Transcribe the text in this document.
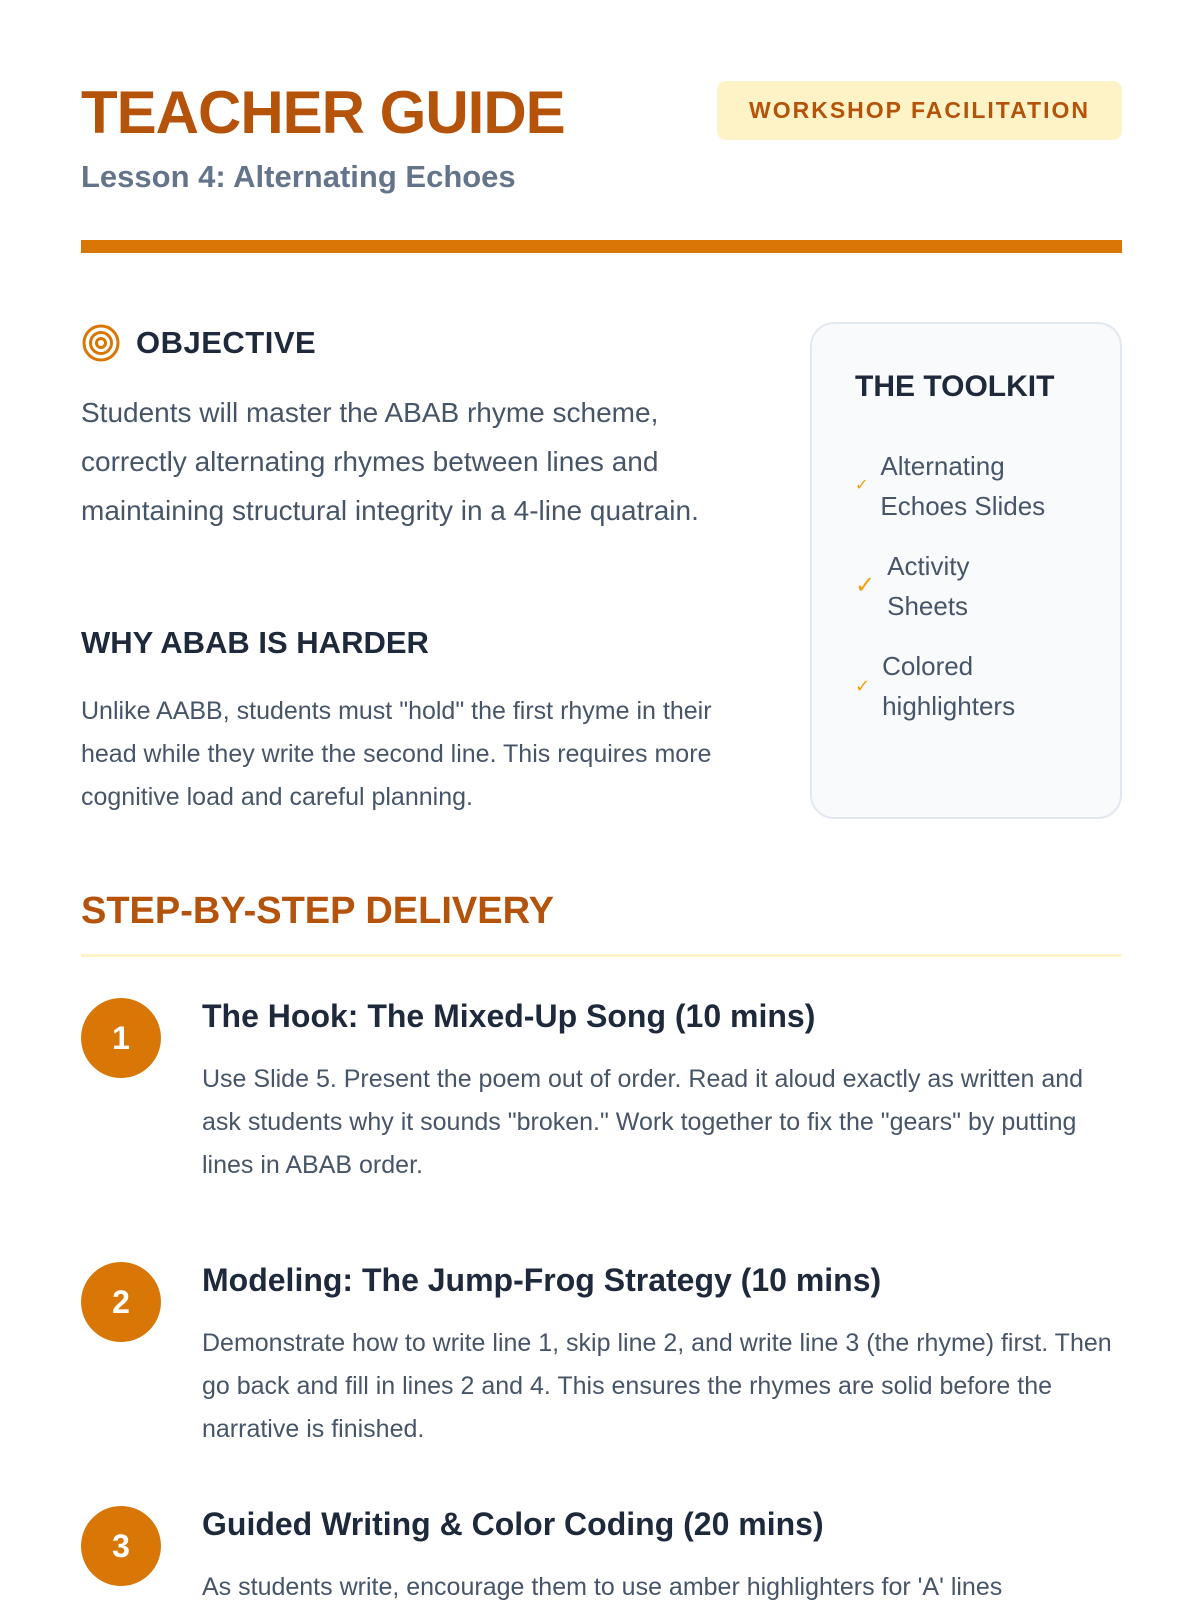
TEACHER GUIDE
Lesson 4: Alternating Echoes
WORKSHOP FACILITATION
OBJECTIVE

Students will master the ABAB rhyme scheme, correctly alternating rhymes between lines and maintaining structural integrity in a 4-line quatrain.

WHY ABAB IS HARDER

Unlike AABB, students must "hold" the first rhyme in their head while they write the second line. This requires more cognitive load and careful planning.

THE TOOLKIT
✓
Alternating Echoes Slides
✓
Activity Sheets
✓
Colored highlighters
STEP-BY-STEP DELIVERY
1
The Hook: The Mixed-Up Song (10 mins)

Use Slide 5. Present the poem out of order. Read it aloud exactly as written and ask students why it sounds "broken." Work together to fix the "gears" by putting lines in ABAB order.

2
Modeling: The Jump-Frog Strategy (10 mins)

Demonstrate how to write line 1, skip line 2, and write line 3 (the rhyme) first. Then go back and fill in lines 2 and 4. This ensures the rhymes are solid before the narrative is finished.

3
Guided Writing & Color Coding (20 mins)

As students write, encourage them to use amber highlighters for 'A' lines
